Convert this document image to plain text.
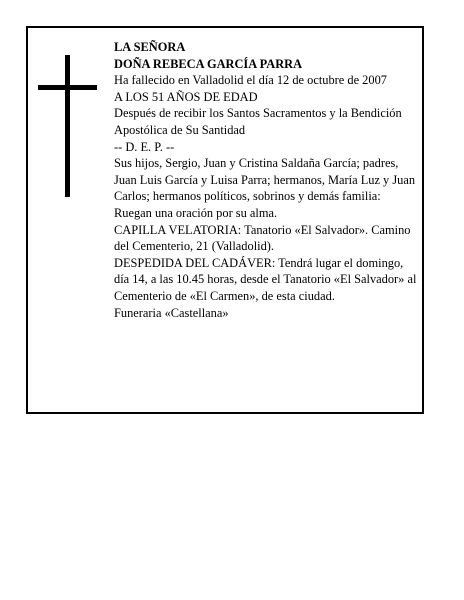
LA SEÑORA

DOÑA REBECA GARCÍA PARRA

Ha fallecido en Valladolid el día 12 de octubre de 2007

A LOS 51 AÑOS DE EDAD

Después de recibir los Santos Sacramentos y la Bendición Apostólica de Su Santidad

-- D. E. P. --

Sus hijos, Sergio, Juan y Cristina Saldaña García; padres, Juan Luis García y Luisa Parra; hermanos, María Luz y Juan Carlos; hermanos políticos, sobrinos y demás familia:

Ruegan una oración por su alma.

CAPILLA VELATORIA: Tanatorio «El Salvador». Camino del Cementerio, 21 (Valladolid).

DESPEDIDA DEL CADÁVER: Tendrá lugar el domingo, día 14, a las 10.45 horas, desde el Tanatorio «El Salvador» al Cementerio de «El Carmen», de esta ciudad.

Funeraria «Castellana»
